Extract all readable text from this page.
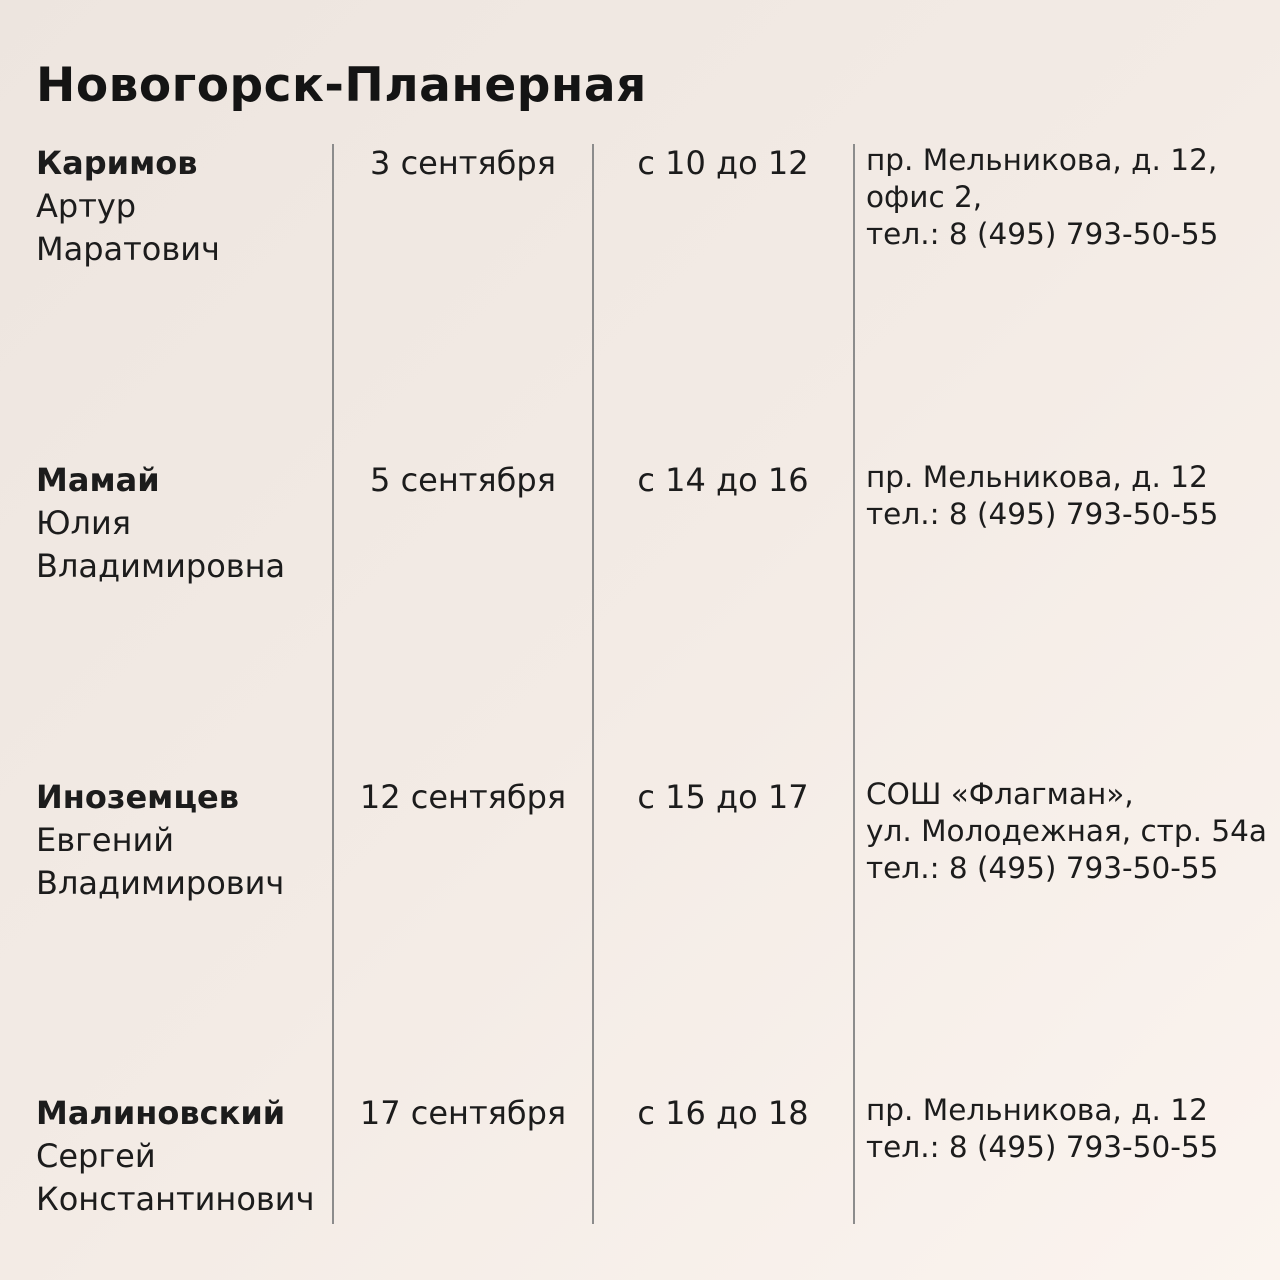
Новогорск-Планерная
Каримов
Артур
Маратович
3 сентября	с 10 до 12	пр. Мельникова, д. 12,
офис 2,
тел.: 8 (495) 793-50-55
Мамай
Юлия
Владимировна
5 сентября	с 14 до 16	пр. Мельникова, д. 12
тел.: 8 (495) 793-50-55
Иноземцев
Евгений
Владимирович
12 сентября	с 15 до 17	СОШ «Флагман»,
ул. Молодежная, стр. 54а
тел.: 8 (495) 793-50-55
Малиновский
Сергей
Константинович
17 сентября	с 16 до 18	пр. Мельникова, д. 12
тел.: 8 (495) 793-50-55
